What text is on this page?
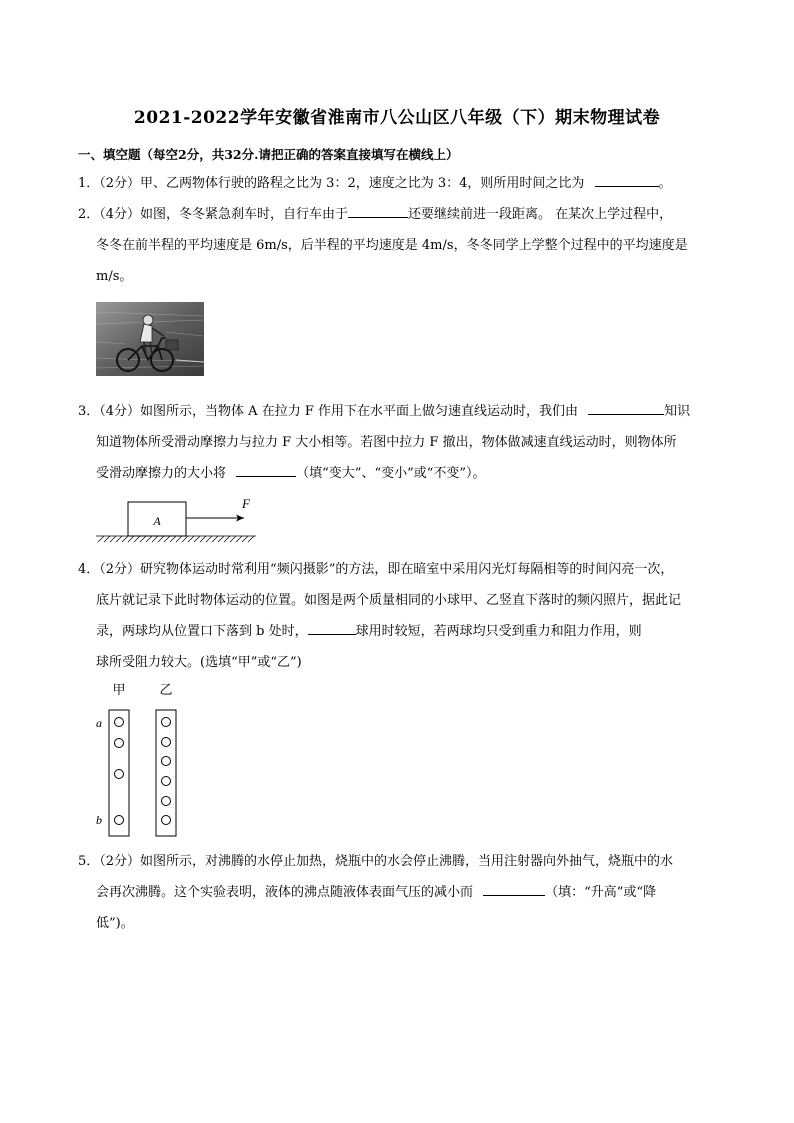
2021-2022学年安徽省淮南市八公山区八年级（下）期末物理试卷
一、填空题（每空2分，共32分.请把正确的答案直接填写在横线上）
1．（2分）甲、乙两物体行驶的路程之比为 3：2，速度之比为 3：4，则所用时间之比为	。
2．（4分）如图，冬冬紧急刹车时，自行车由于	还要继续前进一段距离。 在某次上学过程中，
冬冬在前半程的平均速度是 6m/s，后半程的平均速度是 4m/s，冬冬同学上学整个过程中的平均速度是
m/s。
3．（4分）如图所示，当物体 A 在拉力 F 作用下在水平面上做匀速直线运动时，我们由	知识
知道物体所受滑动摩擦力与拉力 F 大小相等。若图中拉力 F 撤出，物体做减速直线运动时，则物体所
受滑动摩擦力的大小将	（填“变大”、“变小”或“不变”）。
A
F
4．（2分）研究物体运动时常利用“频闪摄影”的方法，即在暗室中采用闪光灯每隔相等的时间闪亮一次，
底片就记录下此时物体运动的位置。如图是两个质量相同的小球甲、乙竖直下落时的频闪照片，据此记
录，两球均从位置口下落到 b 处时，	球用时较短，若两球均只受到重力和阻力作用，则
球所受阻力较大。(选填“甲”或“乙”)
甲	乙
a
b
5．（2分）如图所示，对沸腾的水停止加热，烧瓶中的水会停止沸腾，当用注射器向外抽气，烧瓶中的水
会再次沸腾。这个实验表明，液体的沸点随液体表面气压的减小而	（填：“升高”或“降
低”)。
